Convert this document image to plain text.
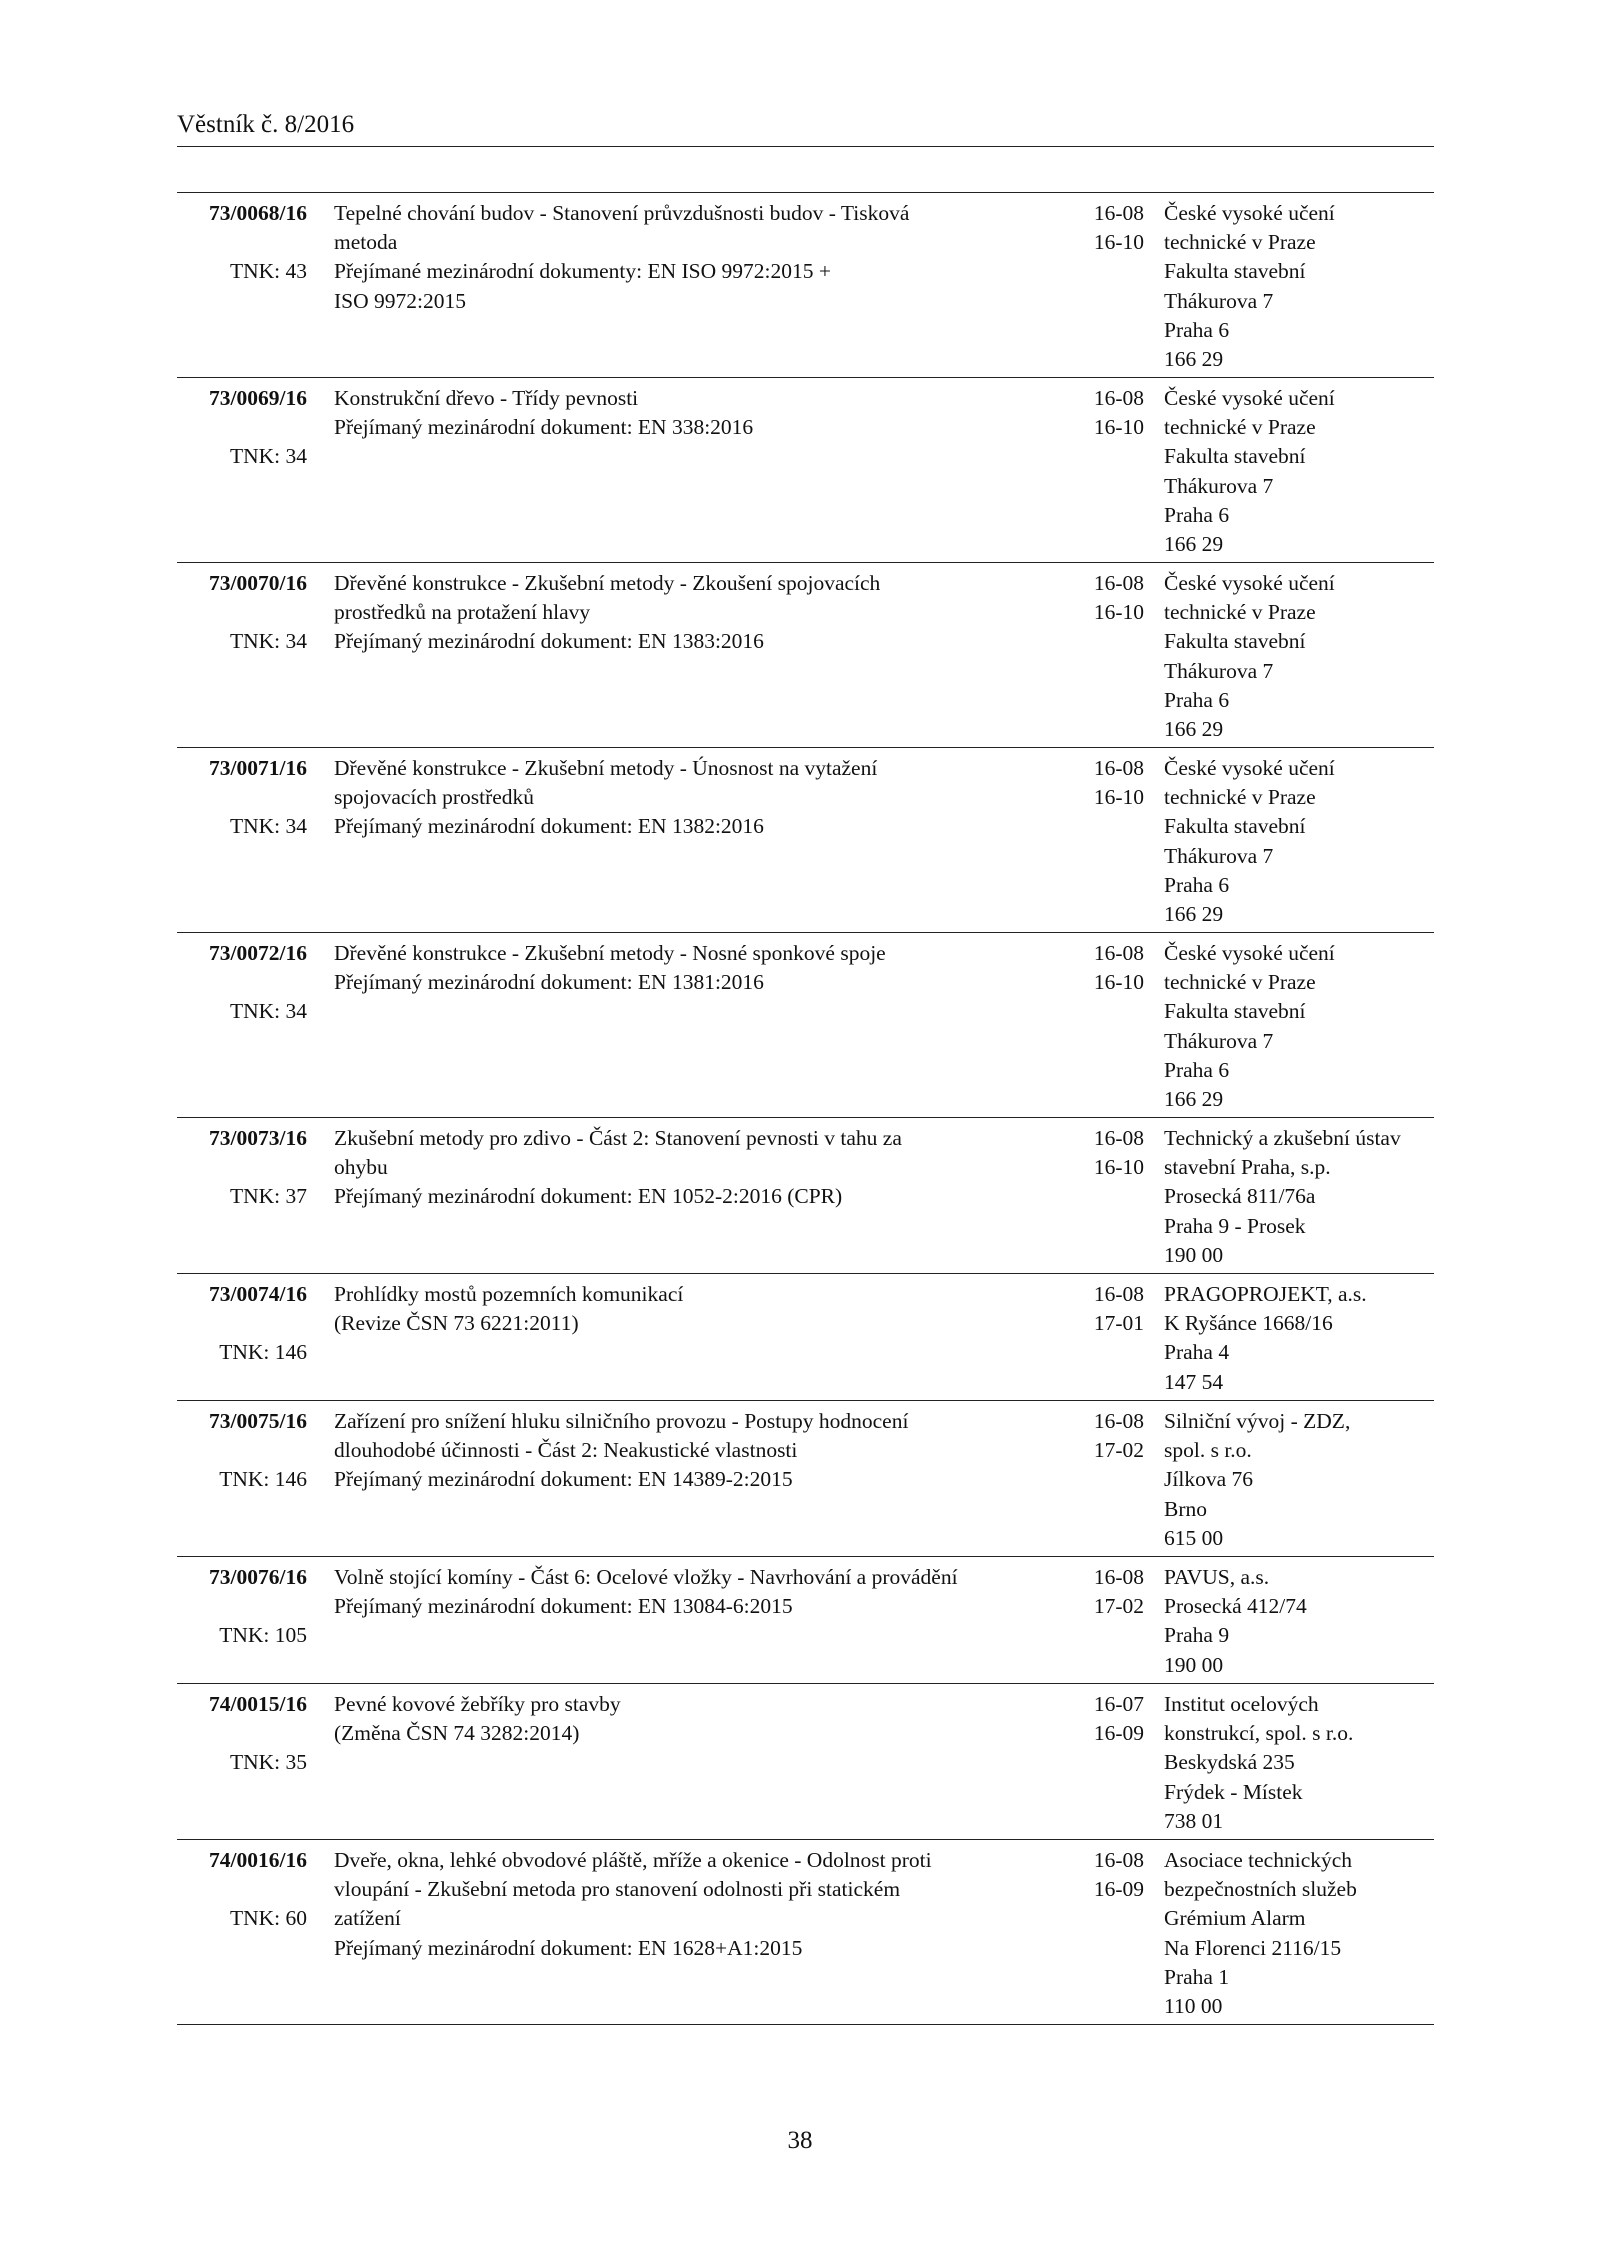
Věstník č. 8/2016
73/0068/16
TNK: 43
Tepelné chování budov - Stanovení průvzdušnosti budov - Tisková
metoda
Přejímané mezinárodní dokumenty: EN ISO 9972:2015 +
ISO 9972:2015
16-08
16-10
České vysoké učení
technické v Praze
Fakulta stavební
Thákurova 7
Praha 6
166 29
73/0069/16
TNK: 34
Konstrukční dřevo - Třídy pevnosti
Přejímaný mezinárodní dokument: EN 338:2016
16-08
16-10
České vysoké učení
technické v Praze
Fakulta stavební
Thákurova 7
Praha 6
166 29
73/0070/16
TNK: 34
Dřevěné konstrukce - Zkušební metody - Zkoušení spojovacích
prostředků na protažení hlavy
Přejímaný mezinárodní dokument: EN 1383:2016
16-08
16-10
České vysoké učení
technické v Praze
Fakulta stavební
Thákurova 7
Praha 6
166 29
73/0071/16
TNK: 34
Dřevěné konstrukce - Zkušební metody - Únosnost na vytažení
spojovacích prostředků
Přejímaný mezinárodní dokument: EN 1382:2016
16-08
16-10
České vysoké učení
technické v Praze
Fakulta stavební
Thákurova 7
Praha 6
166 29
73/0072/16
TNK: 34
Dřevěné konstrukce - Zkušební metody - Nosné sponkové spoje
Přejímaný mezinárodní dokument: EN 1381:2016
16-08
16-10
České vysoké učení
technické v Praze
Fakulta stavební
Thákurova 7
Praha 6
166 29
73/0073/16
TNK: 37
Zkušební metody pro zdivo - Část 2: Stanovení pevnosti v tahu za
ohybu
Přejímaný mezinárodní dokument: EN 1052-2:2016 (CPR)
16-08
16-10
Technický a zkušební ústav
stavební Praha, s.p.
Prosecká 811/76a
Praha 9 - Prosek
190 00
73/0074/16
TNK: 146
Prohlídky mostů pozemních komunikací
(Revize ČSN 73 6221:2011)
16-08
17-01
PRAGOPROJEKT, a.s.
K Ryšánce 1668/16
Praha 4
147 54
73/0075/16
TNK: 146
Zařízení pro snížení hluku silničního provozu - Postupy hodnocení
dlouhodobé účinnosti - Část 2: Neakustické vlastnosti
Přejímaný mezinárodní dokument: EN 14389-2:2015
16-08
17-02
Silniční vývoj - ZDZ,
spol. s r.o.
Jílkova 76
Brno
615 00
73/0076/16
TNK: 105
Volně stojící komíny - Část 6: Ocelové vložky - Navrhování a provádění
Přejímaný mezinárodní dokument: EN 13084-6:2015
16-08
17-02
PAVUS, a.s.
Prosecká 412/74
Praha 9
190 00
74/0015/16
TNK: 35
Pevné kovové žebříky pro stavby
(Změna ČSN 74 3282:2014)
16-07
16-09
Institut ocelových
konstrukcí, spol. s r.o.
Beskydská 235
Frýdek - Místek
738 01
74/0016/16
TNK: 60
Dveře, okna, lehké obvodové pláště, mříže a okenice - Odolnost proti
vloupání - Zkušební metoda pro stanovení odolnosti při statickém
zatížení
Přejímaný mezinárodní dokument: EN 1628+A1:2015
16-08
16-09
Asociace technických
bezpečnostních služeb
Grémium Alarm
Na Florenci 2116/15
Praha 1
110 00
38
